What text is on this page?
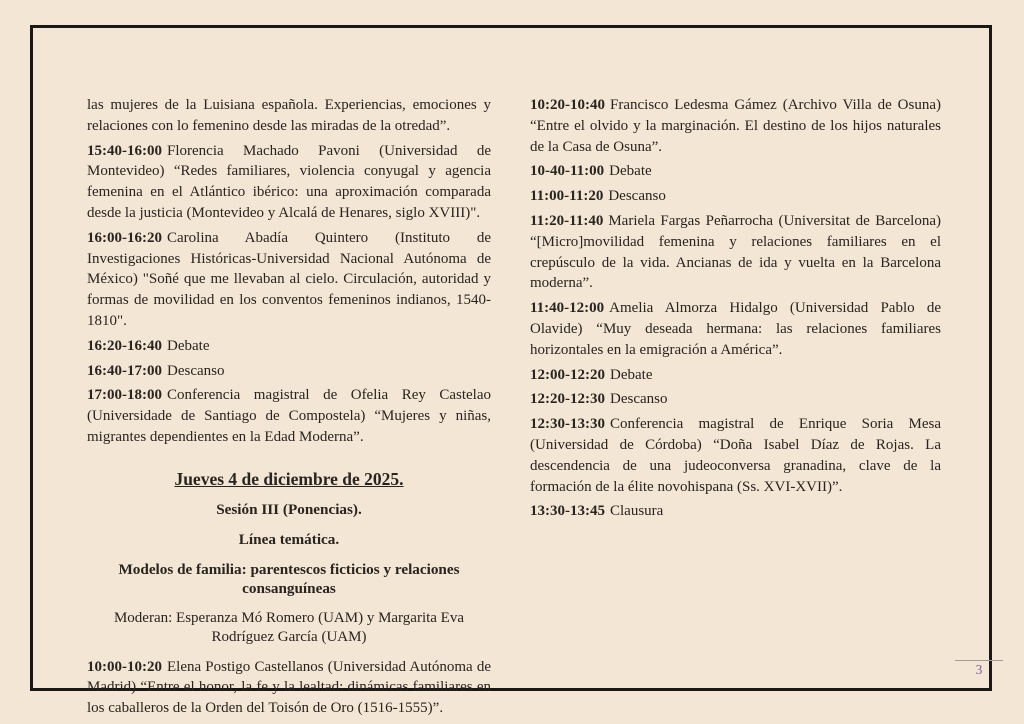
las mujeres de la Luisiana española. Experiencias, emociones y relaciones con lo femenino desde las miradas de la otredad”.

15:40-16:00 Florencia Machado Pavoni (Universidad de Montevideo) “Redes familiares, violencia conyugal y agencia femenina en el Atlántico ibérico: una aproximación comparada desde la justicia (Montevideo y Alcalá de Henares, siglo XVIII)".

16:00-16:20 Carolina Abadía Quintero (Instituto de Investigaciones Históricas-Universidad Nacional Autónoma de México) "Soñé que me llevaban al cielo. Circulación, autoridad y formas de movilidad en los conventos femeninos indianos, 1540-1810".

16:20-16:40 Debate

16:40-17:00 Descanso

17:00-18:00 Conferencia magistral de Ofelia Rey Castelao (Universidade de Santiago de Compostela) “Mujeres y niñas, migrantes dependientes en la Edad Moderna”.

Jueves 4 de diciembre de 2025.

Sesión III (Ponencias).

Línea temática.

Modelos de familia: parentescos ficticios y relaciones consanguíneas

Moderan: Esperanza Mó Romero (UAM) y Margarita Eva Rodríguez García (UAM)

10:00-10:20 Elena Postigo Castellanos (Universidad Autónoma de Madrid) “Entre el honor, la fe y la lealtad: dinámicas familiares en los caballeros de la Orden del Toisón de Oro (1516-1555)”.

10:20-10:40 Francisco Ledesma Gámez (Archivo Villa de Osuna) “Entre el olvido y la marginación. El destino de los hijos naturales de la Casa de Osuna”.

10-40-11:00 Debate

11:00-11:20 Descanso

11:20-11:40 Mariela Fargas Peñarrocha (Universitat de Barcelona) “[Micro]movilidad femenina y relaciones familiares en el crepúsculo de la vida. Ancianas de ida y vuelta en la Barcelona moderna”.

11:40-12:00 Amelia Almorza Hidalgo (Universidad Pablo de Olavide) “Muy deseada hermana: las relaciones familiares horizontales en la emigración a América”.

12:00-12:20 Debate

12:20-12:30 Descanso

12:30-13:30 Conferencia magistral de Enrique Soria Mesa (Universidad de Córdoba) “Doña Isabel Díaz de Rojas. La descendencia de una judeoconversa granadina, clave de la formación de la élite novohispana (Ss. XVI-XVII)”.

13:30-13:45 Clausura

3
